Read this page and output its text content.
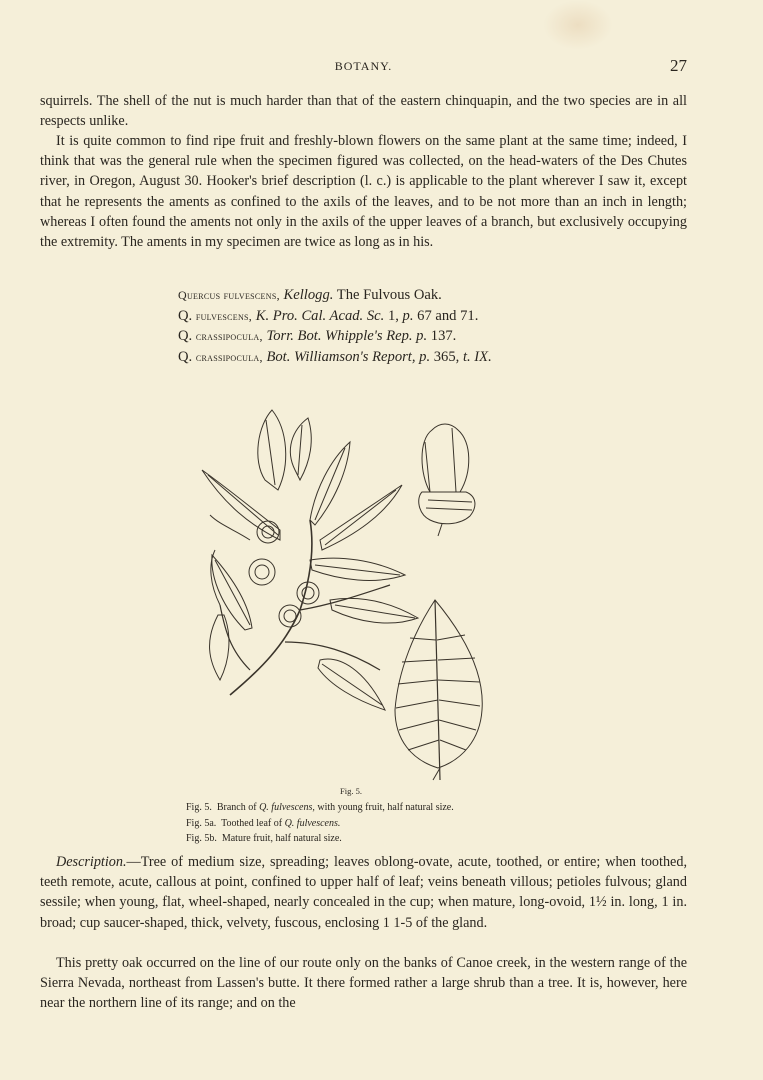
BOTANY.	27

squirrels. The shell of the nut is much harder than that of the eastern chinquapin, and the two species are in all respects unlike.

It is quite common to find ripe fruit and freshly-blown flowers on the same plant at the same time; indeed, I think that was the general rule when the specimen figured was collected, on the head-waters of the Des Chutes river, in Oregon, August 30. Hooker's brief description (l. c.) is applicable to the plant wherever I saw it, except that he represents the aments as confined to the axils of the leaves, and to be not more than an inch in length; whereas I often found the aments not only in the axils of the upper leaves of a branch, but exclusively occupying the extremity. The aments in my specimen are twice as long as in his.

Quercus fulvescens, Kellogg. The Fulvous Oak.
Q. fulvescens, K. Pro. Cal. Acad. Sc. 1, p. 67 and 71.
Q. crassipocula, Torr. Bot. Whipple's Rep. p. 137.
Q. crassipocula, Bot. Williamson's Report, p. 365, t. IX.
Fig. 5.
Fig. 5. Branch of Q. fulvescens, with young fruit, half natural size.
Fig. 5a. Toothed leaf of Q. fulvescens.
Fig. 5b. Mature fruit, half natural size.

Description.—Tree of medium size, spreading; leaves oblong-ovate, acute, toothed, or entire; when toothed, teeth remote, acute, callous at point, confined to upper half of leaf; veins beneath villous; petioles fulvous; gland sessile; when young, flat, wheel-shaped, nearly concealed in the cup; when mature, long-ovoid, 1½ in. long, 1 in. broad; cup saucer-shaped, thick, velvety, fuscous, enclosing 1 1-5 of the gland.

This pretty oak occurred on the line of our route only on the banks of Canoe creek, in the western range of the Sierra Nevada, northeast from Lassen's butte. It there formed rather a large shrub than a tree. It is, however, here near the northern line of its range; and on the
